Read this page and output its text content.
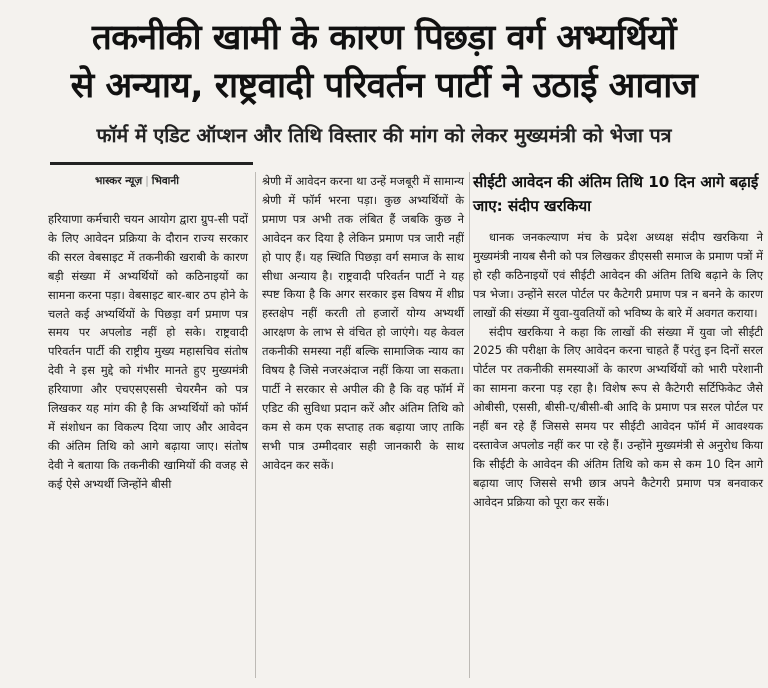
तकनीकी खामी के कारण पिछड़ा वर्ग अभ्यर्थियों
से अन्याय, राष्ट्रवादी परिवर्तन पार्टी ने उठाई आवाज
फॉर्म में एडिट ऑप्शन और तिथि विस्तार की मांग को लेकर मुख्यमंत्री को भेजा पत्र
भास्कर न्यूज़ | भिवानी

हरियाणा कर्मचारी चयन आयोग द्वारा ग्रुप-सी पदों के लिए आवेदन प्रक्रिया के दौरान राज्य सरकार की सरल वेबसाइट में तकनीकी खराबी के कारण बड़ी संख्या में अभ्यर्थियों को कठिनाइयों का सामना करना पड़ा। वेबसाइट बार-बार ठप होने के चलते कई अभ्यर्थियों के पिछड़ा वर्ग प्रमाण पत्र समय पर अपलोड नहीं हो सके। राष्ट्रवादी परिवर्तन पार्टी की राष्ट्रीय मुख्य महासचिव संतोष देवी ने इस मुद्दे को गंभीर मानते हुए मुख्यमंत्री हरियाणा और एचएसएससी चेयरमैन को पत्र लिखकर यह मांग की है कि अभ्यर्थियों को फॉर्म में संशोधन का विकल्प दिया जाए और आवेदन की अंतिम तिथि को आगे बढ़ाया जाए। संतोष देवी ने बताया कि तकनीकी खामियों की वजह से कई ऐसे अभ्यर्थी जिन्होंने बीसी

श्रेणी में आवेदन करना था उन्हें मजबूरी में सामान्य श्रेणी में फॉर्म भरना पड़ा। कुछ अभ्यर्थियों के प्रमाण पत्र अभी तक लंबित हैं जबकि कुछ ने आवेदन कर दिया है लेकिन प्रमाण पत्र जारी नहीं हो पाए हैं। यह स्थिति पिछड़ा वर्ग समाज के साथ सीधा अन्याय है। राष्ट्रवादी परिवर्तन पार्टी ने यह स्पष्ट किया है कि अगर सरकार इस विषय में शीघ्र हस्तक्षेप नहीं करती तो हजारों योग्य अभ्यर्थी आरक्षण के लाभ से वंचित हो जाएंगे। यह केवल तकनीकी समस्या नहीं बल्कि सामाजिक न्याय का विषय है जिसे नजरअंदाज नहीं किया जा सकता। पार्टी ने सरकार से अपील की है कि वह फॉर्म में एडिट की सुविधा प्रदान करें और अंतिम तिथि को कम से कम एक सप्ताह तक बढ़ाया जाए ताकि सभी पात्र उम्मीदवार सही जानकारी के साथ आवेदन कर सकें।

सीईटी आवेदन की अंतिम तिथि 10 दिन आगे बढ़ाई जाए: संदीप खरकिया

धानक जनकल्याण मंच के प्रदेश अध्यक्ष संदीप खरकिया ने मुख्यमंत्री नायब सैनी को पत्र लिखकर डीएससी समाज के प्रमाण पत्रों में हो रही कठिनाइयों एवं सीईटी आवेदन की अंतिम तिथि बढ़ाने के लिए पत्र भेजा। उन्होंने सरल पोर्टल पर कैटेगरी प्रमाण पत्र न बनने के कारण लाखों की संख्या में युवा-युवतियों को भविष्य के बारे में अवगत कराया।

संदीप खरकिया ने कहा कि लाखों की संख्या में युवा जो सीईटी 2025 की परीक्षा के लिए आवेदन करना चाहते हैं परंतु इन दिनों सरल पोर्टल पर तकनीकी समस्याओं के कारण अभ्यर्थियों को भारी परेशानी का सामना करना पड़ रहा है। विशेष रूप से कैटेगरी सर्टिफिकेट जैसे ओबीसी, एससी, बीसी-ए/बीसी-बी आदि के प्रमाण पत्र सरल पोर्टल पर नहीं बन रहे हैं जिससे समय पर सीईटी आवेदन फॉर्म में आवश्यक दस्तावेज अपलोड नहीं कर पा रहे हैं। उन्होंने मुख्यमंत्री से अनुरोध किया कि सीईटी के आवेदन की अंतिम तिथि को कम से कम 10 दिन आगे बढ़ाया जाए जिससे सभी छात्र अपने कैटेगरी प्रमाण पत्र बनवाकर आवेदन प्रक्रिया को पूरा कर सकें।
